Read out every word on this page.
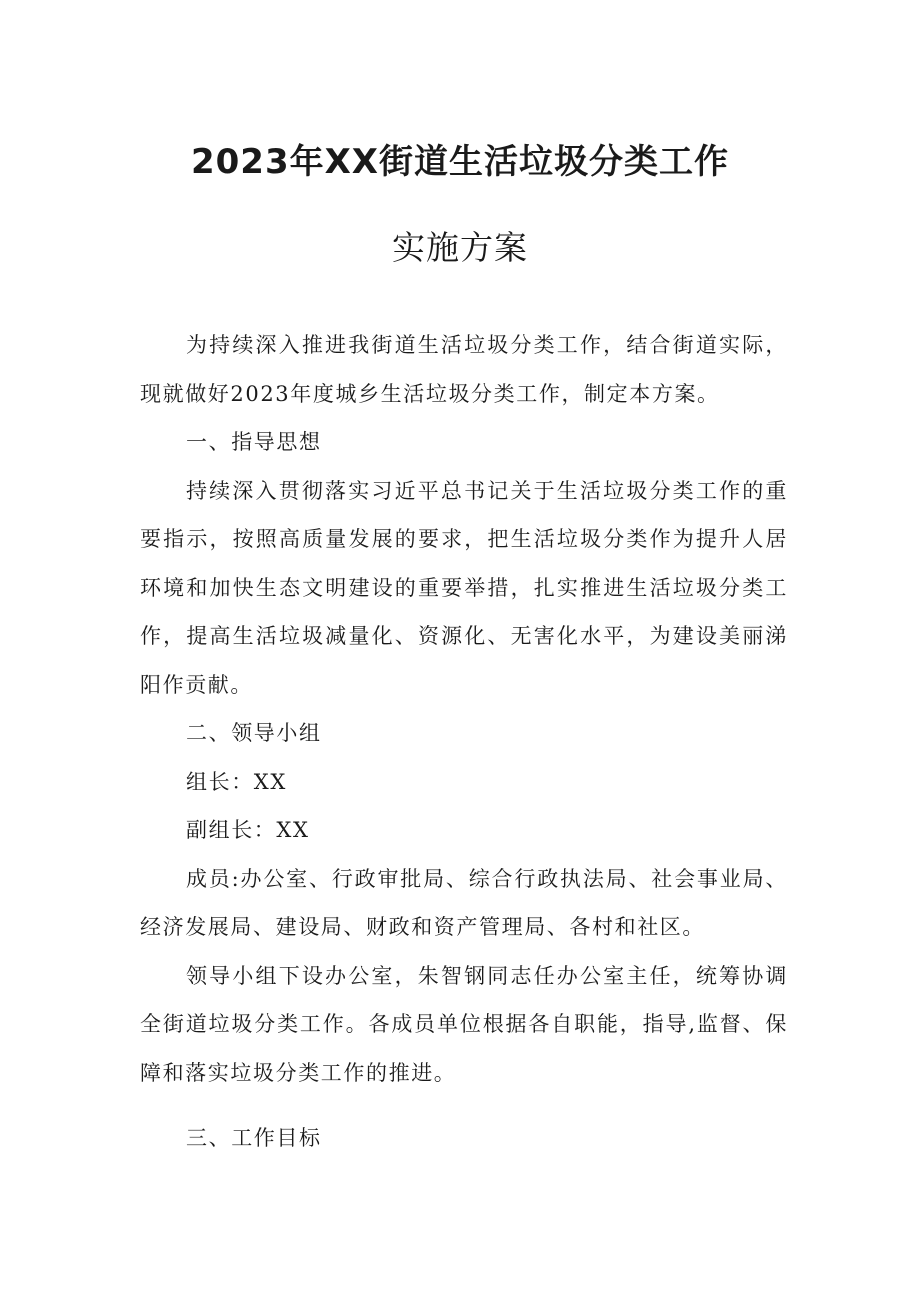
2023年XX街道生活垃圾分类工作
实施方案

为持续深入推进我街道生活垃圾分类工作，结合街道实际，现就做好2023年度城乡生活垃圾分类工作，制定本方案。

一、指导思想

持续深入贯彻落实习近平总书记关于生活垃圾分类工作的重要指示，按照高质量发展的要求，把生活垃圾分类作为提升人居环境和加快生态文明建设的重要举措，扎实推进生活垃圾分类工作，提高生活垃圾减量化、资源化、无害化水平，为建设美丽涕阳作贡献。

二、领导小组

组长：XX

副组长：XX

成员:办公室、行政审批局、综合行政执法局、社会事业局、经济发展局、建设局、财政和资产管理局、各村和社区。

领导小组下设办公室，朱智钢同志任办公室主任，统筹协调全街道垃圾分类工作。各成员单位根据各自职能，指导,监督、保障和落实垃圾分类工作的推进。

三、工作目标
